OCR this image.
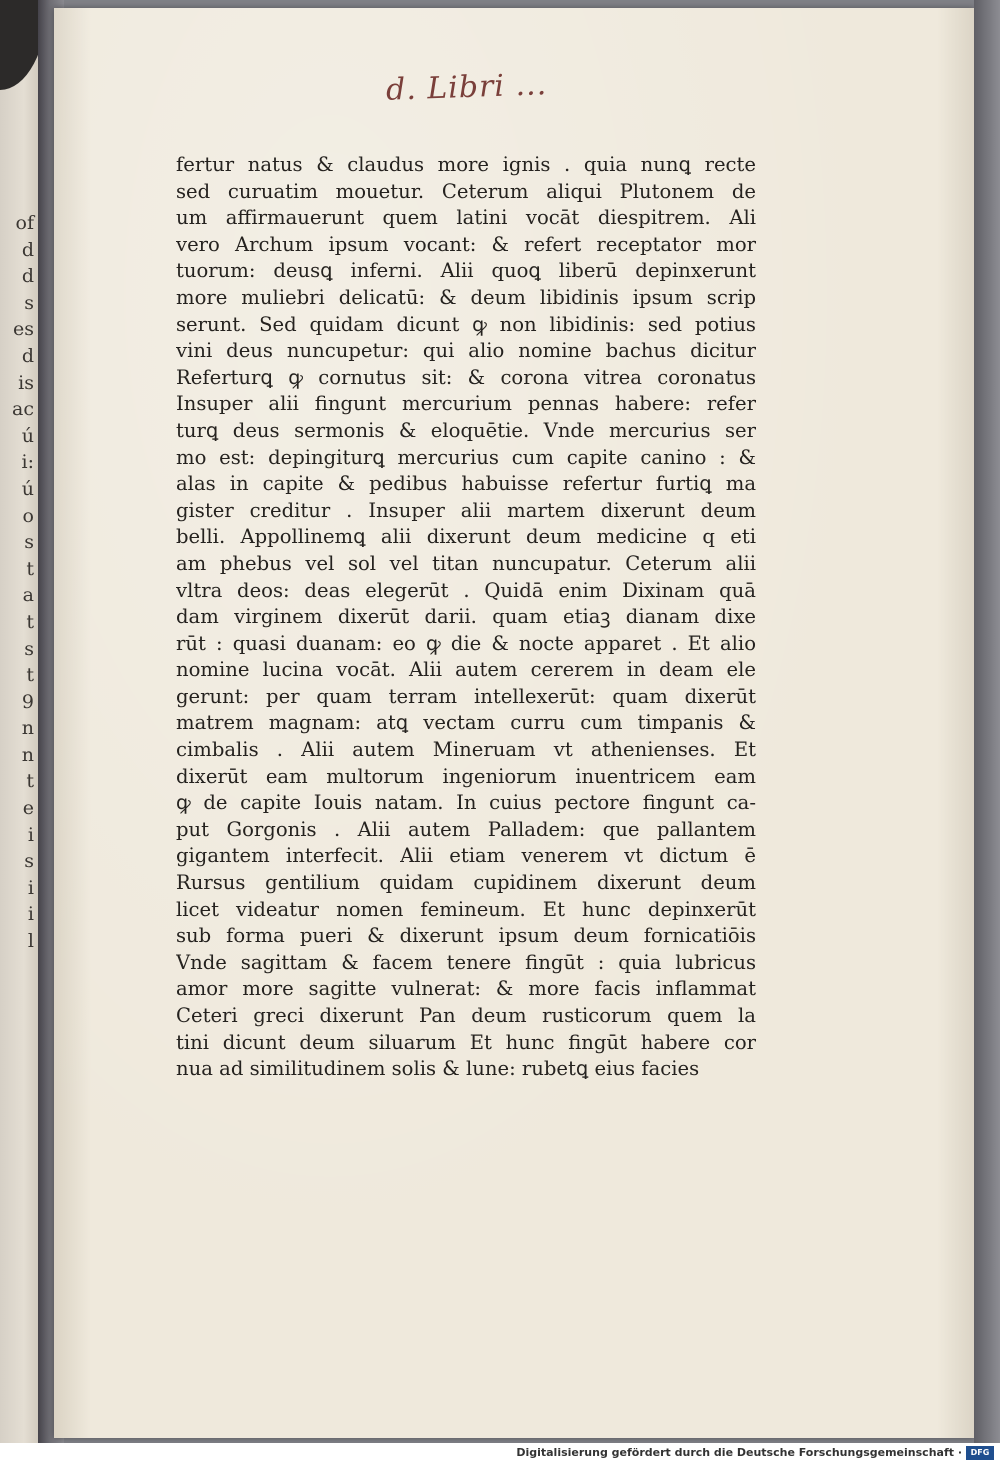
of
d
d
s
es
d
is
ac
ú
i:
ú
o
s
t
a
t
s
t
9
n
n
t
e
i
s
i
i
l
d. Libri ...
fertur natus & claudus more ignis . quia nunꝗ recte
sed curuatim mouetur. Ceterum aliqui Plutonem de
um affirmauerunt quem latini vocāt diespitrem. Ali
vero Archum ipsum vocant: & refert receptator mor
tuorum: deusꝗ inferni. Alii quoꝗ liberū depinxerunt
more muliebri delicatū: & deum libidinis ipsum scrip
serunt. Sed quidam dicunt ꝙ non libidinis: sed potius
vini deus nuncupetur: qui alio nomine bachus dicitur
Referturꝗ ꝙ cornutus sit: & corona vitrea coronatus
Insuper alii fingunt mercurium pennas habere: refer
turꝗ deus sermonis & eloquētie. Vnde mercurius ser
mo est: depingiturꝗ mercurius cum capite canino : &
alas in capite & pedibus habuisse refertur furtiꝗ ma
gister creditur . Insuper alii martem dixerunt deum
belli. Appollinemꝗ alii dixerunt deum medicine q eti
am phebus vel sol vel titan nuncupatur. Ceterum alii
vltra deos: deas elegerūt . Quidā enim Dixinam quā
dam virginem dixerūt darii. quam etiaꝫ dianam dixe
rūt : quasi duanam: eo ꝙ die & nocte apparet . Et alio
nomine lucina vocāt. Alii autem cererem in deam ele
gerunt: per quam terram intellexerūt: quam dixerūt
matrem magnam: atꝗ vectam curru cum timpanis &
cimbalis . Alii autem Mineruam vt athenienses. Et
dixerūt eam multorum ingeniorum inuentricem eam
ꝙ de capite Iouis natam. In cuius pectore fingunt ca-
put Gorgonis . Alii autem Palladem: que pallantem
gigantem interfecit. Alii etiam venerem vt dictum ē
Rursus gentilium quidam cupidinem dixerunt deum
licet videatur nomen femineum. Et hunc depinxerūt
sub forma pueri & dixerunt ipsum deum fornicatiōis
Vnde sagittam & facem tenere fingūt : quia lubricus
amor more sagitte vulnerat: & more facis inflammat
Ceteri greci dixerunt Pan deum rusticorum quem la
tini dicunt deum siluarum Et hunc fingūt habere cor
nua ad similitudinem solis & lune: rubetꝗ eius facies
Digitalisierung gefördert durch die Deutsche Forschungsgemeinschaft ·	DFG
